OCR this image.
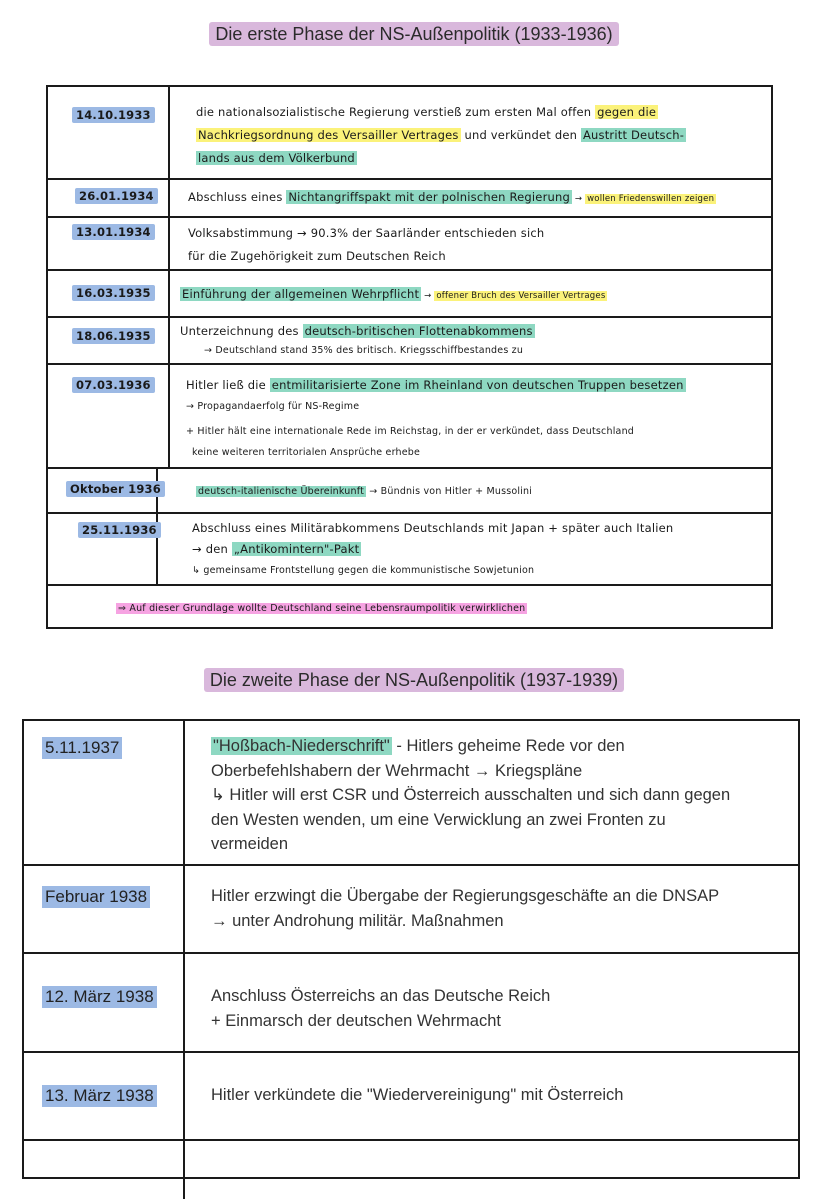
Die erste Phase der NS-Außenpolitik (1933-1936)
14.10.1933	die nationalsozialistische Regierung verstieß zum ersten Mal offen gegen die
Nachkriegsordnung des Versailler Vertrages und verkündet den Austritt Deutsch-
lands aus dem Völkerbund
26.01.1934	Abschluss eines Nichtangriffspakt mit der polnischen Regierung → wollen Friedenswillen zeigen
13.01.1934	Volksabstimmung → 90.3% der Saarländer entschieden sich
für die Zugehörigkeit zum Deutschen Reich
16.03.1935	Einführung der allgemeinen Wehrpflicht → offener Bruch des Versailler Vertrages
18.06.1935	Unterzeichnung des deutsch-britischen Flottenabkommens
→ Deutschland stand 35% des britisch. Kriegsschiffbestandes zu
07.03.1936	Hitler ließ die entmilitarisierte Zone im Rheinland von deutschen Truppen besetzen
→ Propagandaerfolg für NS-Regime
+ Hitler hält eine internationale Rede im Reichstag, in der er verkündet, dass Deutschland
keine weiteren territorialen Ansprüche erhebe
Oktober 1936	deutsch-italienische Übereinkunft → Bündnis von Hitler + Mussolini
25.11.1936	Abschluss eines Militärabkommens Deutschlands mit Japan + später auch Italien
→ den „Antikomintern"-Pakt
↳ gemeinsame Frontstellung gegen die kommunistische Sowjetunion
⇒ Auf dieser Grundlage wollte Deutschland seine Lebensraumpolitik verwirklichen
Die zweite Phase der NS-Außenpolitik (1937-1939)
5.11.1937	"Hoßbach-Niederschrift" - Hitlers geheime Rede vor den
Oberbefehlshabern der Wehrmacht → Kriegspläne
↳ Hitler will erst CSR und Österreich ausschalten und sich dann gegen
den Westen wenden, um eine Verwicklung an zwei Fronten zu
vermeiden
Februar 1938	Hitler erzwingt die Übergabe der Regierungsgeschäfte an die DNSAP
→ unter Androhung militär. Maßnahmen
12. März 1938	Anschluss Österreichs an das Deutsche Reich
+ Einmarsch der deutschen Wehrmacht
13. März 1938	Hitler verkündete die "Wiedervereinigung" mit Österreich
